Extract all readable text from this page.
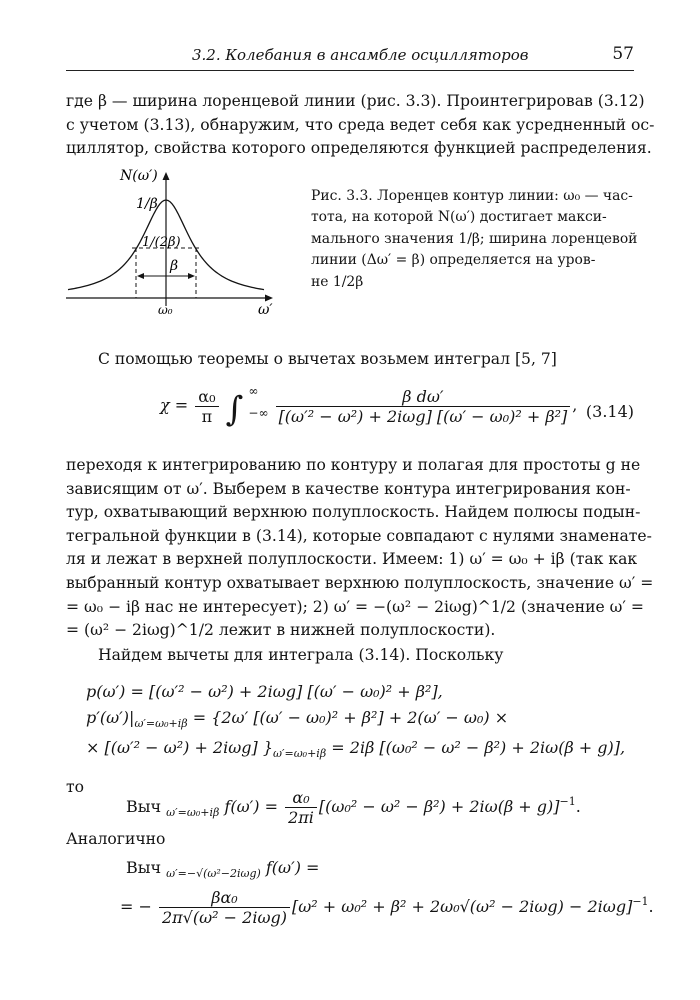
3.2. Колебания в ансамбле осцилляторов	57
где β — ширина лоренцевой линии (рис. 3.3). Проинтегрировав (3.12)
с учетом (3.13), обнаружим, что среда ведет себя как усредненный ос-
циллятор, свойства которого определяются функцией распределения.
N(ω′)
1/β
1/(2β)
β
ω₀	ω′
Рис. 3.3. Лоренцев контур линии: ω₀ — час-
тота, на которой N(ω′) достигает макси-
мального значения 1/β; ширина лоренцевой
линии (Δω′ = β) определяется на уров-
не 1/2β
С помощью теоремы о вычетах возьмем интеграл [5, 7]
$\chi = \frac{\text{α₀}}{\pi}$ ∫ ∞
−∞
$\frac{\text{β dω′}}{\text{[(ω′² − ω²) + 2iωg] [(ω′ − ω₀)² + β²]}}$ , (3.14)
переходя к интегрированию по контуру и полагая для простоты g не
зависящим от ω′. Выберем в качестве контура интегрирования кон-
тур, охватывающий верхнюю полуплоскость. Найдем полюсы подын-
тегральной функции в (3.14), которые совпадают с нулями знаменате-
ля и лежат в верхней полуплоскости. Имеем: 1) ω′ = ω₀ + iβ (так как
выбранный контур охватывает верхнюю полуплоскость, значение ω′ =
= ω₀ − iβ нас не интересует); 2) ω′ = −(ω² − 2iωg)^1/2 (значение ω′ =
= (ω² − 2iωg)^1/2 лежит в нижней полуплоскости).
Найдем вычеты для интеграла (3.14). Поскольку
p(ω′) = [(ω′² − ω²) + 2iωg] [(ω′ − ω₀)² + β²],
$p'(\omega')|_{\omega'=\omega_0+i\beta} = \{2\omega'$ [(ω′ − ω₀)² + β²] + 2(ω′ − ω₀) ×
× [(ω′² − ω²) + 2iωg] }$_{\omega'=\omega_0+i\beta} = 2i\beta$ [(ω₀² − ω² − β²) + 2iω(β + g)],
то
Выч $_{\omega'=\omega_0+i\beta}$ $f(\omega') = \frac{\text{α₀}}{2\pi i} [(\omega_0^2 - \omega^2 - \beta^2) + 2i\omega(\beta + g)]^{-1}$.
Аналогично
Выч $_{\omega'=-√(\omega^2-2i\omega g)}$ f(ω′) =
= − $\frac{\text{βα₀}}{\text{2π√(ω² − 2iωg)}} [\omega^2 + \omega_0^2 + \beta^2 + 2\omega_0√(\omega^2 - 2i\omega g) - 2i\omega g]^{-1}$.
